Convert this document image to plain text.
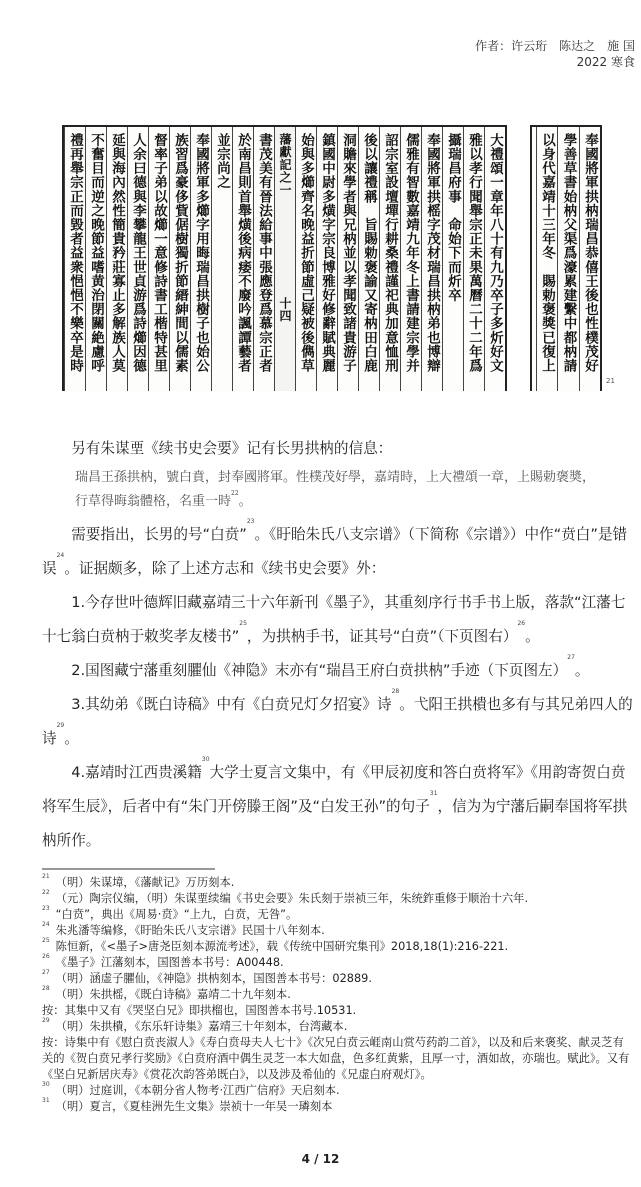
作者：许云珩　陈达之　施 国
2022 寒食
大禮頌一章年八十有九乃卒子多炘好文
雅以孝行聞舉宗正未果萬曆二十二年爲
攝瑞昌府事　命始下而炘卒
奉國將軍拱榣字茂材瑞昌拱枘弟也博辯
儒雅有智數嘉靖九年冬上書請建宗學并
詔宗室設壇墠行耕桑禮謹祀典加意恤刑
後以讓禮稱　旨賜勅褒諭又寄枘田白鹿
洞贍來學者與兄枘並以孝聞致諸貴游子
鎮國中尉多熿字宗良博雅好修辭賦典麗
始與多㸅齊名晚益折節虛己疑被後儁草
藩獻記之一　　　　　　　　十四
書茂美有晉法給事中張應登爲慕宗正者
於南昌則首舉熿後病痿不廢吟諷譚藝者
並宗尚之
奉國將軍多㸅字用晦瑞昌拱樹子也始公
族習爲豪侈貲倨樹獨折節縉紳間以儒素
督率子弟以故㸅一意修詩書工楷特甚里
人余曰德與李攀龍王世貞游爲詩㸅因德
延與海內然性簡貴矜莊寡止多解族人莫
不奮目而逆之晚節益嗜黄治閉關絶慮呼
禮再舉宗正而毀者益衆悒悒不樂卒是時	奉國將軍拱枘瑞昌恭僖王後也性樸茂好
學善草書始枘父渠爲濠累建繫中都枘請
以身代嘉靖十三年冬　賜勅褒獎已復上
21

另有朱谋垔《续书史会要》记有长男拱枘的信息：

瑞昌王孫拱枘，號白賁，封奉國將軍。性樸茂好學，嘉靖時，上大禮頌一章，上賜勅褒奬，
行草得晦翁體格，名重一時$^{22}$。

需要指出，长男的号“白贲”$^{23}$。《盱眙朱氏八支宗谱》（下简称《宗谱》）中作“贲白”是错误$^{24}$。证据颇多，除了上述方志和《续书史会要》外：

1.今存世叶德辉旧藏嘉靖三十六年新刊《墨子》，其重刻序行书手书上版，落款“江藩七十七翁白贲枘于敕奖孝友楼书”$^{25}$，为拱枘手书，证其号“白贲”（下页图右）$^{26}$。

2.国图藏宁藩重刻臞仙《神隐》末亦有“瑞昌王府白贲拱枘”手迹（下页图左）$^{27}$。

3.其幼弟《既白诗稿》中有《白贲兄灯夕招宴》诗$^{28}$。弋阳王拱樻也多有与其兄弟四人的诗$^{29}$。

4.嘉靖时江西贵溪籍$^{30}$大学士夏言文集中，有《甲辰初度和答白贲将军》《用韵寄贺白贲将军生辰》，后者中有“朱门开傍滕王阁”及“白发王孙”的句子$^{31}$，信为为宁藩后嗣奉国将军拱枘所作。

$^{21}$ （明）朱谋墇，《藩献记》万历刻本.

$^{22}$ （元）陶宗仪编，（明）朱谋垔续编《书史会要》朱氏刻于崇祯三年，朱统鈼重修于顺治十六年.

$^{23}$ “白贲”，典出《周易·贲》“上九，白贲，无咎”。

$^{24}$ 朱兆潘等编修，《盱眙朱氏八支宗谱》民国十八年刻本.

$^{25}$ 陈恒新，《<墨子>唐尧臣刻本源流考述》，载《传统中国研究集刊》2018,18(1):216-221.

$^{26}$ 《墨子》江藩刻本，国图善本书号：A00448.

$^{27}$ （明）涵虚子臞仙，《神隐》拱枘刻本，国图善本书号：02889.

$^{28}$ （明）朱拱榣，《既白诗稿》嘉靖二十九年刻本.

按：其集中又有《哭坚白兄》即拱榴也，国图善本书号.10531.

$^{29}$ （明）朱拱樻，《东乐轩诗集》嘉靖三十年刻本，台湾藏本.

按：诗集中有《慰白贲丧淑人》《寿白贲母夫人七十》《次兄白贲云崕南山赏芍药韵二首》，以及和后来褒奖、献灵芝有关的《贺白贲兄孝行奖励》《白贲府酒中偶生灵芝一本大如盘，色多红黄紫，且厚一寸，酒如故，亦瑞也。赋此》。又有《坚白兄新居庆寿》《赏花次韵答弟既白》，以及涉及希仙的《兄虚白府观灯》。

$^{30}$ （明）过庭训，《本朝分省人物考·江西广信府》天启刻本.

$^{31}$ （明）夏言，《夏桂洲先生文集》崇祯十一年吴一璘刻本

4 / 12
